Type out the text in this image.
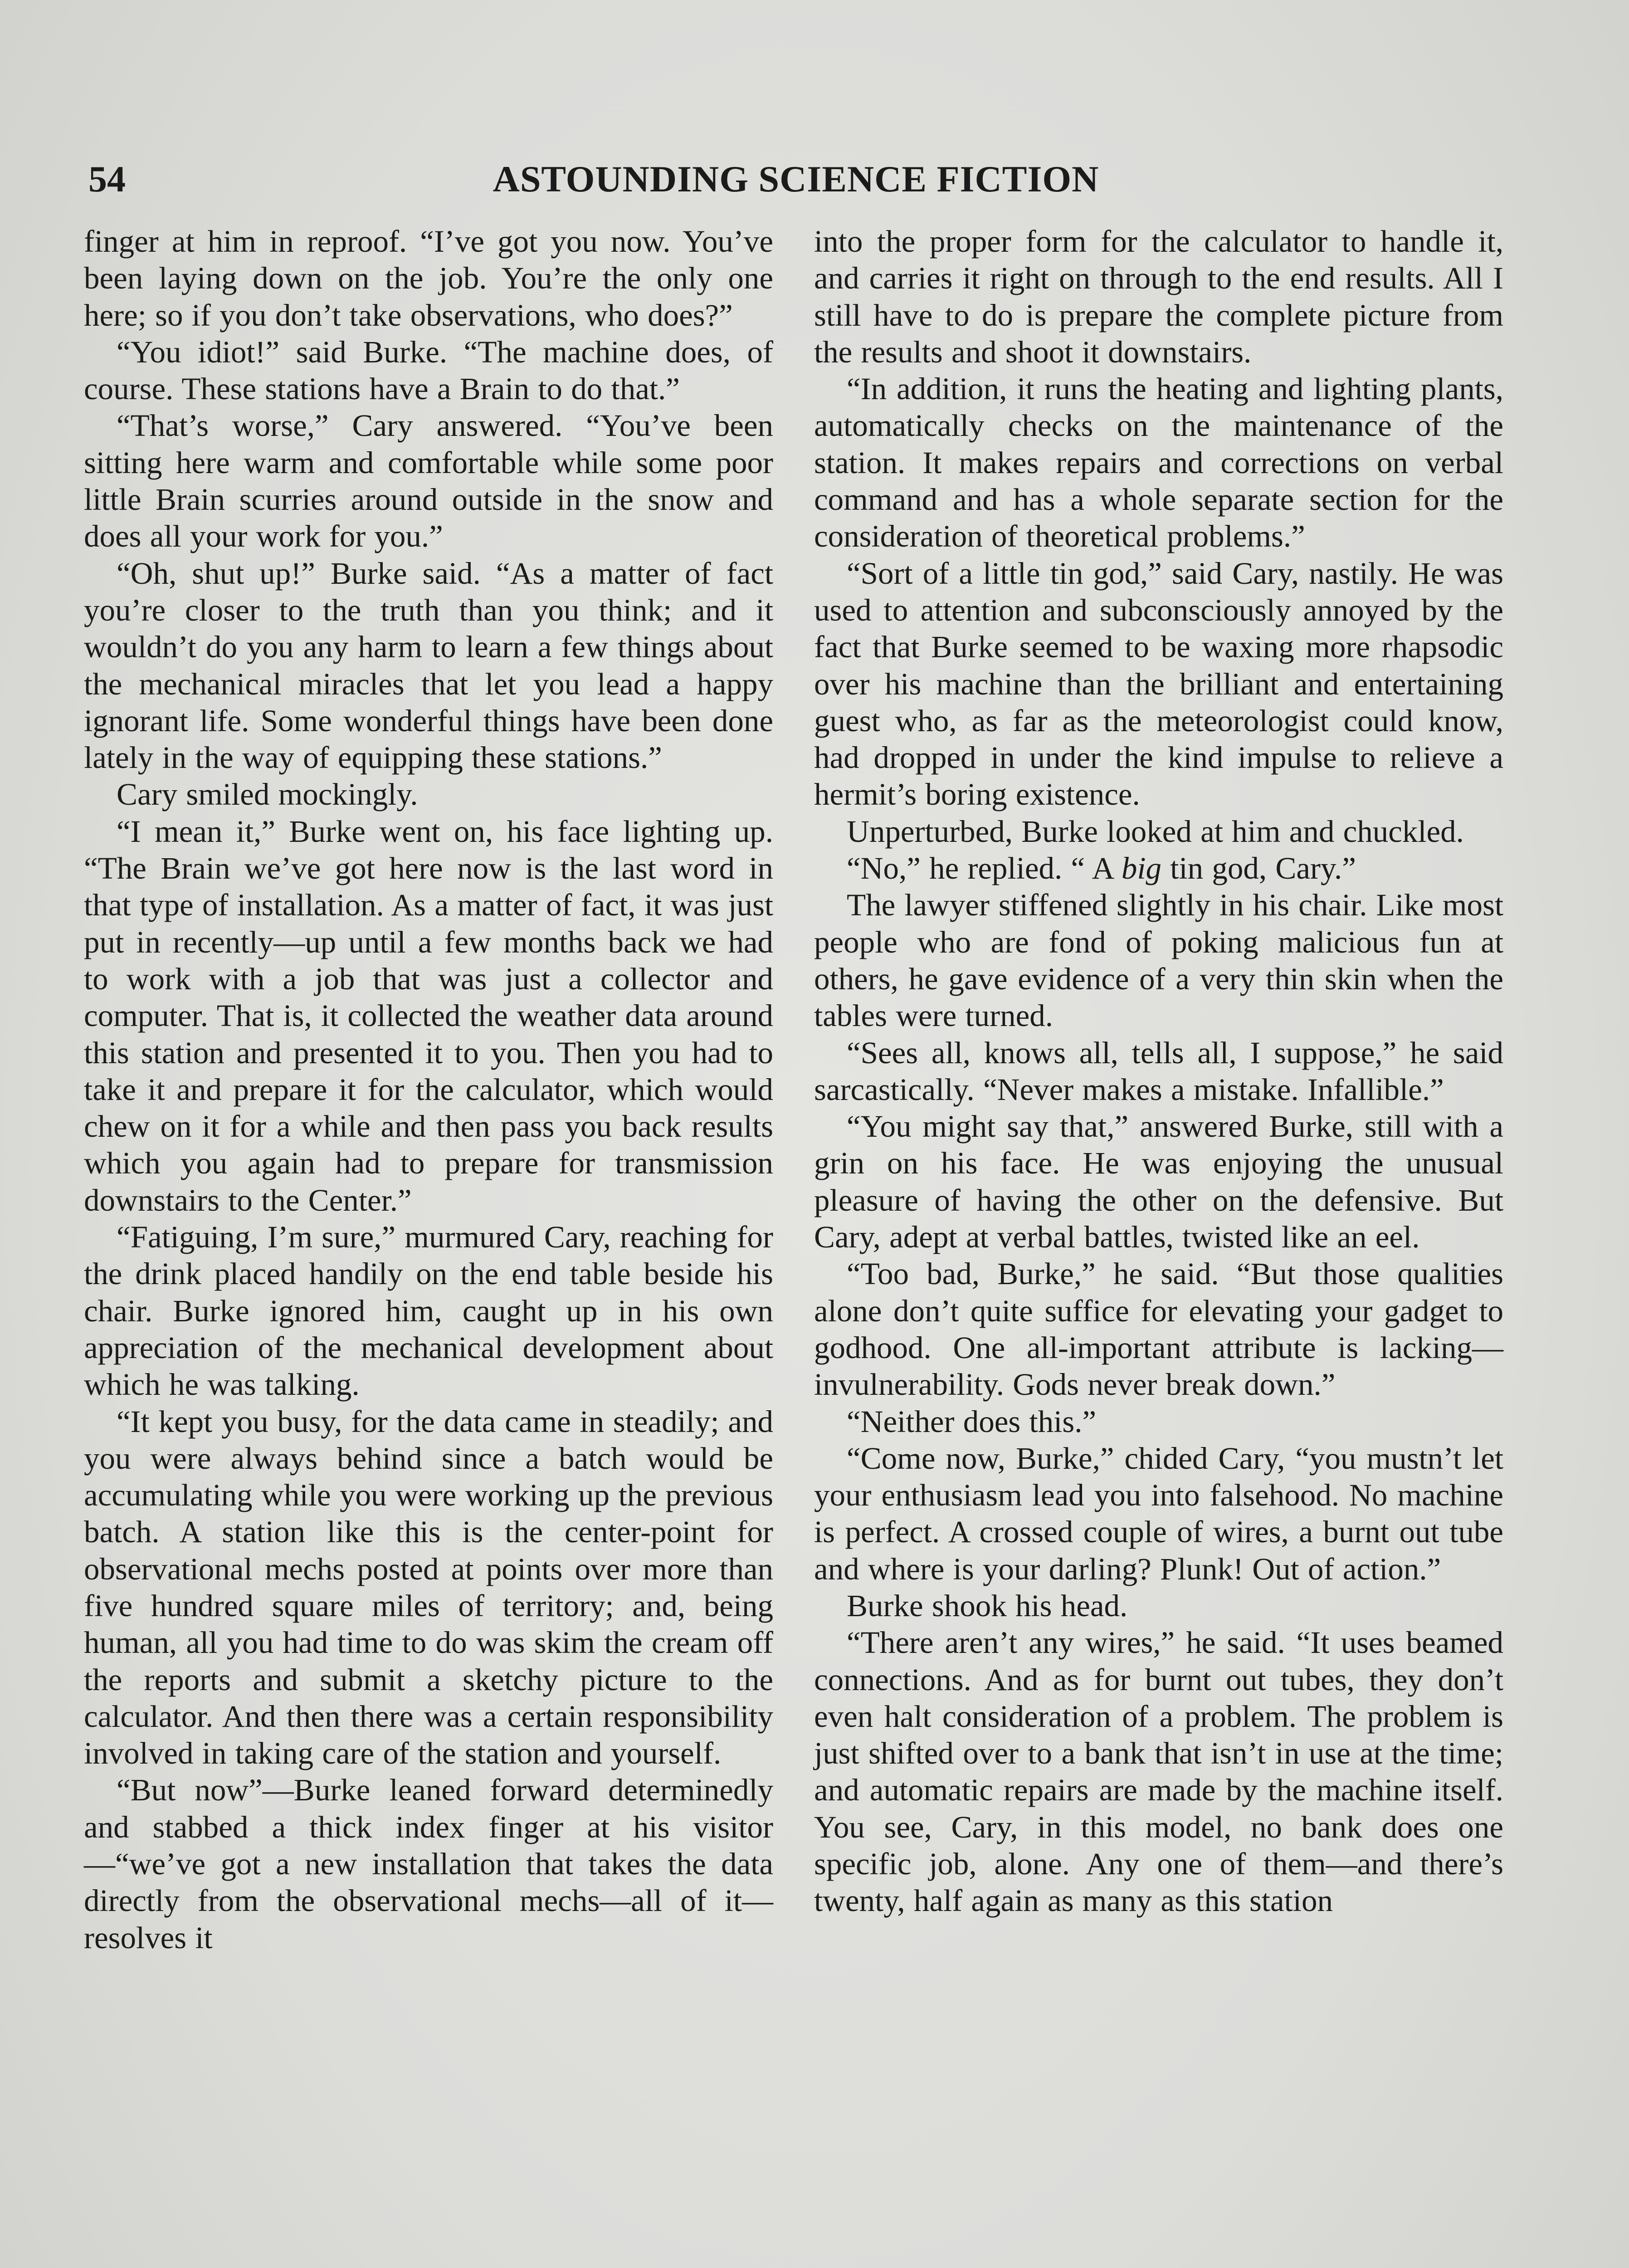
54	ASTOUNDING SCIENCE FICTION

finger at him in reproof. “I’ve got you now. You’ve been laying down on the job. You’re the only one here; so if you don’t take observations, who does?”

“You idiot!” said Burke. “The machine does, of course. These stations have a Brain to do that.”

“That’s worse,” Cary answered. “You’ve been sitting here warm and comfortable while some poor little Brain scurries around outside in the snow and does all your work for you.”

“Oh, shut up!” Burke said. “As a matter of fact you’re closer to the truth than you think; and it wouldn’t do you any harm to learn a few things about the mechanical miracles that let you lead a happy ignorant life. Some wonderful things have been done lately in the way of equipping these stations.”

Cary smiled mockingly.

“I mean it,” Burke went on, his face lighting up. “The Brain we’ve got here now is the last word in that type of installation. As a matter of fact, it was just put in recently—up until a few months back we had to work with a job that was just a collector and computer. That is, it collected the weather data around this station and presented it to you. Then you had to take it and prepare it for the calculator, which would chew on it for a while and then pass you back results which you again had to prepare for transmission downstairs to the Center.”

“Fatiguing, I’m sure,” murmured Cary, reaching for the drink placed handily on the end table beside his chair. Burke ignored him, caught up in his own appreciation of the mechanical development about which he was talking.

“It kept you busy, for the data came in steadily; and you were always behind since a batch would be accumulating while you were working up the previous batch. A station like this is the center-point for observational mechs posted at points over more than five hundred square miles of territory; and, being human, all you had time to do was skim the cream off the reports and submit a sketchy picture to the calculator. And then there was a certain responsibility involved in taking care of the station and yourself.

“But now”—Burke leaned forward determinedly and stabbed a thick index finger at his visitor—“we’ve got a new installation that takes the data directly from the observational mechs—all of it—resolves it

into the proper form for the calculator to handle it, and carries it right on through to the end results. All I still have to do is prepare the complete picture from the results and shoot it downstairs.

“In addition, it runs the heating and lighting plants, automatically checks on the maintenance of the station. It makes repairs and corrections on verbal command and has a whole separate section for the consideration of theoretical problems.”

“Sort of a little tin god,” said Cary, nastily. He was used to attention and subconsciously annoyed by the fact that Burke seemed to be waxing more rhapsodic over his machine than the brilliant and entertaining guest who, as far as the meteorologist could know, had dropped in under the kind impulse to relieve a hermit’s boring existence.

Unperturbed, Burke looked at him and chuckled.

“No,” he replied. “ A big tin god, Cary.”

The lawyer stiffened slightly in his chair. Like most people who are fond of poking malicious fun at others, he gave evidence of a very thin skin when the tables were turned.

“Sees all, knows all, tells all, I suppose,” he said sarcastically. “Never makes a mistake. Infallible.”

“You might say that,” answered Burke, still with a grin on his face. He was enjoying the unusual pleasure of having the other on the defensive. But Cary, adept at verbal battles, twisted like an eel.

“Too bad, Burke,” he said. “But those qualities alone don’t quite suffice for elevating your gadget to godhood. One all-important attribute is lacking—invulnerability. Gods never break down.”

“Neither does this.”

“Come now, Burke,” chided Cary, “you mustn’t let your enthusiasm lead you into falsehood. No machine is perfect. A crossed couple of wires, a burnt out tube and where is your darling? Plunk! Out of action.”

Burke shook his head.

“There aren’t any wires,” he said. “It uses beamed connections. And as for burnt out tubes, they don’t even halt consideration of a problem. The problem is just shifted over to a bank that isn’t in use at the time; and automatic repairs are made by the machine itself. You see, Cary, in this model, no bank does one specific job, alone. Any one of them—and there’s twenty, half again as many as this station
